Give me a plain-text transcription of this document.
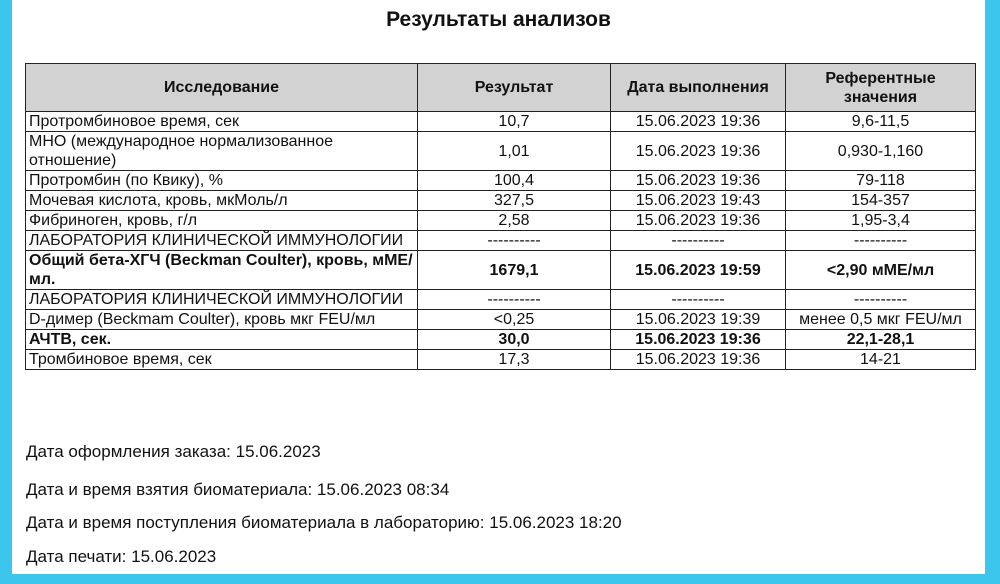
Результаты анализов
Исследование	Результат	Дата выполнения	Референтные значения
Протромбиновое время, сек	10,7	15.06.2023 19:36	9,6-11,5
МНО (международное нормализованное отношение)	1,01	15.06.2023 19:36	0,930-1,160
Протромбин (по Квику), %	100,4	15.06.2023 19:36	79-118
Мочевая кислота, кровь, мкМоль/л	327,5	15.06.2023 19:43	154-357
Фибриноген, кровь, г/л	2,58	15.06.2023 19:36	1,95-3,4
ЛАБОРАТОРИЯ КЛИНИЧЕСКОЙ ИММУНОЛОГИИ	----------	----------	----------
Общий бета-ХГЧ (Beckman Coulter), кровь, мМЕ/мл.	1679,1	15.06.2023 19:59	<2,90 мМЕ/мл
ЛАБОРАТОРИЯ КЛИНИЧЕСКОЙ ИММУНОЛОГИИ	----------	----------	----------
D-димер (Beckmam Coulter), кровь мкг FEU/мл	<0,25	15.06.2023 19:39	менее 0,5 мкг FEU/мл
АЧТВ, сек.	30,0	15.06.2023 19:36	22,1-28,1
Тромбиновое время, сек	17,3	15.06.2023 19:36	14-21
Дата оформления заказа: 15.06.2023
Дата и время взятия биоматериала: 15.06.2023 08:34
Дата и время поступления биоматериала в лабораторию: 15.06.2023 18:20
Дата печати: 15.06.2023
